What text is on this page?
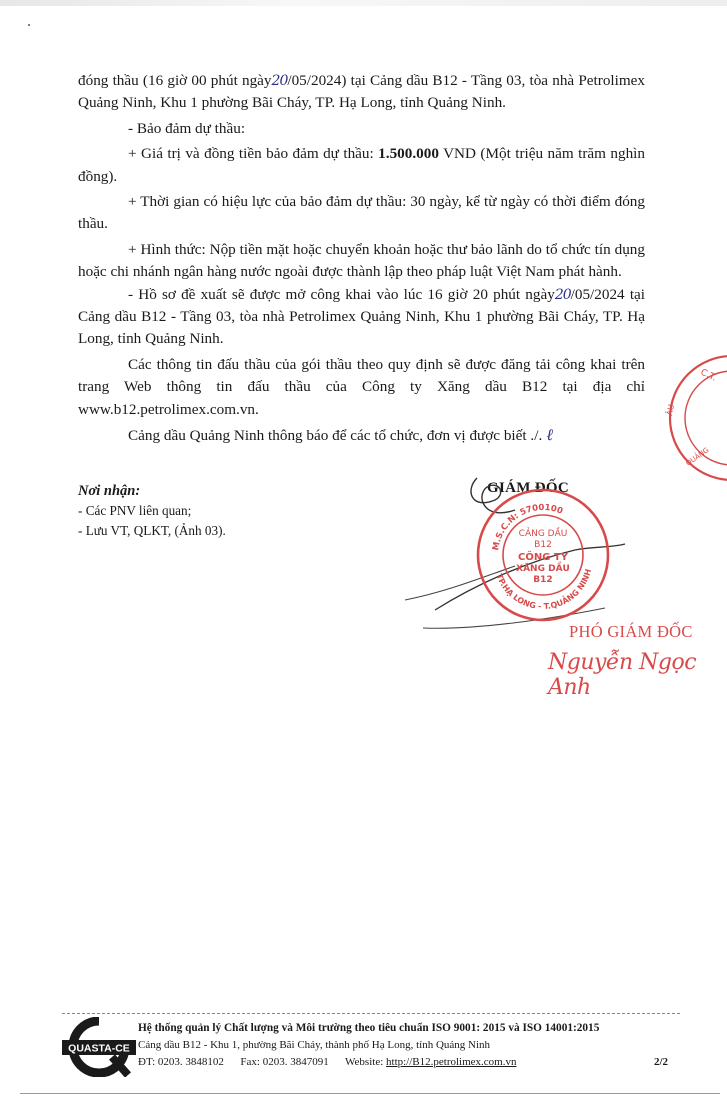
đóng thầu (16 giờ 00 phút ngày20/05/2024) tại Cảng dầu B12 - Tầng 03, tòa nhà Petrolimex Quảng Ninh, Khu 1 phường Bãi Cháy, TP. Hạ Long, tỉnh Quảng Ninh.

- Bảo đảm dự thầu:

+ Giá trị và đồng tiền bảo đảm dự thầu: 1.500.000 VND (Một triệu năm trăm nghìn đồng).

+ Thời gian có hiệu lực của bảo đảm dự thầu: 30 ngày, kể từ ngày có thời điểm đóng thầu.

+ Hình thức: Nộp tiền mặt hoặc chuyển khoản hoặc thư bảo lãnh do tổ chức tín dụng hoặc chi nhánh ngân hàng nước ngoài được thành lập theo pháp luật Việt Nam phát hành.

- Hồ sơ đề xuất sẽ được mở công khai vào lúc 16 giờ 20 phút ngày20/05/2024 tại Cảng dầu B12 - Tầng 03, tòa nhà Petrolimex Quảng Ninh, Khu 1 phường Bãi Cháy, TP. Hạ Long, tỉnh Quảng Ninh.

Các thông tin đấu thầu của gói thầu theo quy định sẽ được đăng tải công khai trên trang Web thông tin đấu thầu của Công ty Xăng dầu B12 tại địa chỉ www.b12.petrolimex.com.vn.

Cảng dầu Quảng Ninh thông báo để các tổ chức, đơn vị được biết ./. ℓ

Nơi nhận:
- Các PNV liên quan;
- Lưu VT, QLKT, (Ảnh 03).
C.T.
ÂU
QUẢNG
GIÁM ĐỐC
M.S.C.N: 5700100
TP.HẠ LONG - T.QUẢNG NINH
CẢNG DẦU
B12
CÔNG TY
XĂNG DẦU
B12
PHÓ GIÁM ĐỐC
Nguyễn Ngọc Anh
QUASTA-CE
Hệ thống quản lý Chất lượng và Môi trường theo tiêu chuẩn ISO 9001: 2015 và ISO 14001:2015
Cảng dầu B12 - Khu 1, phường Bãi Cháy, thành phố Hạ Long, tỉnh Quảng Ninh
ĐT: 0203. 3848102 Fax: 0203. 3847091 Website: http://B12.petrolimex.com.vn	2/2
